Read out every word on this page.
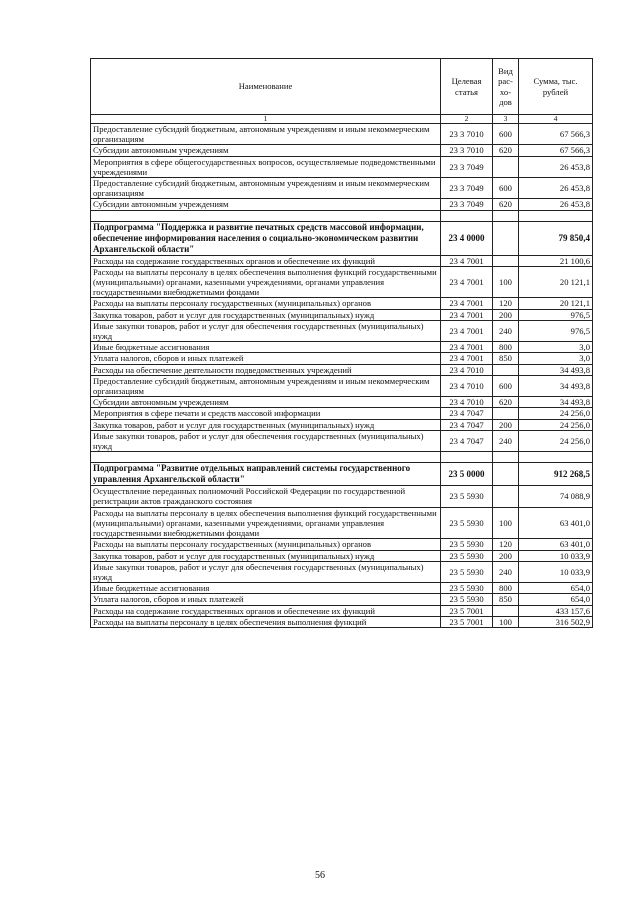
Наименование	Целевая статья	Вид рас- хо- дов	Сумма, тыс. рублей
1	2	3	4
Предоставление субсидий бюджетным, автономным учреждениям и иным некоммерческим организациям	23 3 7010	600	67 566,3
Субсидии автономным учреждениям	23 3 7010	620	67 566,3
Мероприятия в сфере общегосударственных вопросов, осуществляемые подведомственными учреждениями	23 3 7049		26 453,8
Предоставление субсидий бюджетным, автономным учреждениям и иным некоммерческим организациям	23 3 7049	600	26 453,8
Субсидии автономным учреждениям	23 3 7049	620	26 453,8

Подпрограмма "Поддержка и развитие печатных средств массовой информации, обеспечение информирования населения о социально-экономическом развитии Архангельской области"	23 4 0000		79 850,4
Расходы на содержание государственных органов и обеспечение их функций	23 4 7001		21 100,6
Расходы на выплаты персоналу в целях обеспечения выполнения функций государственными (муниципальными) органами, казенными учреждениями, органами управления государственными внебюджетными фондами	23 4 7001	100	20 121,1
Расходы на выплаты персоналу государственных (муниципальных) органов	23 4 7001	120	20 121,1
Закупка товаров, работ и услуг для государственных (муниципальных) нужд	23 4 7001	200	976,5
Иные закупки товаров, работ и услуг для обеспечения государственных (муниципальных) нужд	23 4 7001	240	976,5
Иные бюджетные ассигнования	23 4 7001	800	3,0
Уплата налогов, сборов и иных платежей	23 4 7001	850	3,0
Расходы на обеспечение деятельности подведомственных учреждений	23 4 7010		34 493,8
Предоставление субсидий бюджетным, автономным учреждениям и иным некоммерческим организациям	23 4 7010	600	34 493,8
Субсидии автономным учреждениям	23 4 7010	620	34 493,8
Мероприятия в сфере печати и средств массовой информации	23 4 7047		24 256,0
Закупка товаров, работ и услуг для государственных (муниципальных) нужд	23 4 7047	200	24 256,0
Иные закупки товаров, работ и услуг для обеспечения государственных (муниципальных) нужд	23 4 7047	240	24 256,0

Подпрограмма "Развитие отдельных направлений системы государственного управления Архангельской области"	23 5 0000		912 268,5
Осуществление переданных полномочий Российской Федерации по государственной регистрации актов гражданского состояния	23 5 5930		74 088,9
Расходы на выплаты персоналу в целях обеспечения выполнения функций государственными (муниципальными) органами, казенными учреждениями, органами управления государственными внебюджетными фондами	23 5 5930	100	63 401,0
Расходы на выплаты персоналу государственных (муниципальных) органов	23 5 5930	120	63 401,0
Закупка товаров, работ и услуг для государственных (муниципальных) нужд	23 5 5930	200	10 033,9
Иные закупки товаров, работ и услуг для обеспечения государственных (муниципальных) нужд	23 5 5930	240	10 033,9
Иные бюджетные ассигнования	23 5 5930	800	654,0
Уплата налогов, сборов и иных платежей	23 5 5930	850	654,0
Расходы на содержание государственных органов и обеспечение их функций	23 5 7001		433 157,6
Расходы на выплаты персоналу в целях обеспечения выполнения функций	23 5 7001	100	316 502,9
56
